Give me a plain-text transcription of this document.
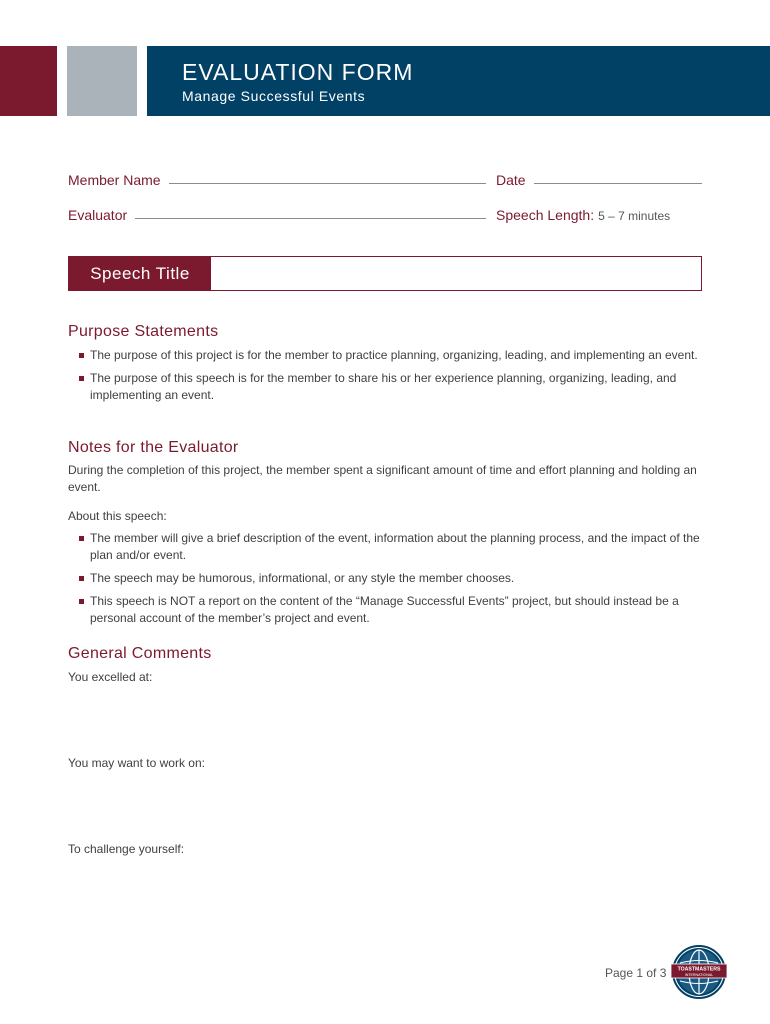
EVALUATION FORM
Manage Successful Events
Member Name	Date
Evaluator	Speech Length: 5 – 7 minutes
Speech Title
Purpose Statements
The purpose of this project is for the member to practice planning, organizing, leading, and implementing an event.
The purpose of this speech is for the member to share his or her experience planning, organizing, leading, and implementing an event.
Notes for the Evaluator
During the completion of this project, the member spent a significant amount of time and effort planning and holding an event.
About this speech:
The member will give a brief description of the event, information about the planning process, and the impact of the plan and/or event.
The speech may be humorous, informational, or any style the member chooses.
This speech is NOT a report on the content of the “Manage Successful Events” project, but should instead be a personal account of the member’s project and event.
General Comments
You excelled at:
You may want to work on:
To challenge yourself:
Page 1 of 3 TOASTMASTERS
INTERNATIONAL
